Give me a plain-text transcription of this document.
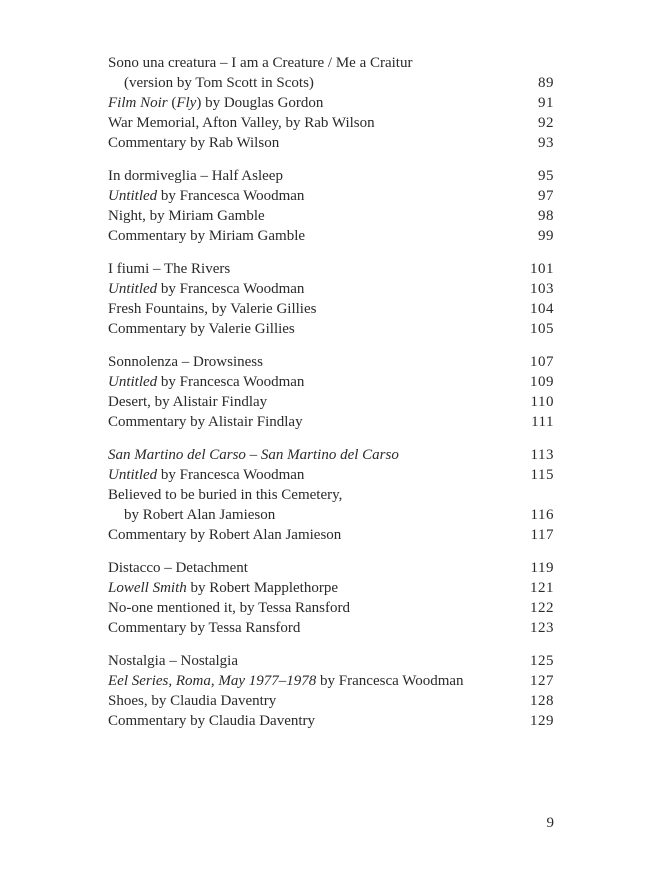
Sono una creatura – I am a Creature / Me a Craitur
(version by Tom Scott in Scots)	89
Film Noir (Fly) by Douglas Gordon	91
War Memorial, Afton Valley, by Rab Wilson	92
Commentary by Rab Wilson	93
In dormiveglia – Half Asleep	95
Untitled by Francesca Woodman	97
Night, by Miriam Gamble	98
Commentary by Miriam Gamble	99
I fiumi – The Rivers	101
Untitled by Francesca Woodman	103
Fresh Fountains, by Valerie Gillies	104
Commentary by Valerie Gillies	105
Sonnolenza – Drowsiness	107
Untitled by Francesca Woodman	109
Desert, by Alistair Findlay	110
Commentary by Alistair Findlay	111
San Martino del Carso – San Martino del Carso	113
Untitled by Francesca Woodman	115
Believed to be buried in this Cemetery,
by Robert Alan Jamieson	116
Commentary by Robert Alan Jamieson	117
Distacco – Detachment	119
Lowell Smith by Robert Mapplethorpe	121
No-one mentioned it, by Tessa Ransford	122
Commentary by Tessa Ransford	123
Nostalgia – Nostalgia	125
Eel Series, Roma, May 1977–1978 by Francesca Woodman	127
Shoes, by Claudia Daventry	128
Commentary by Claudia Daventry	129
9
